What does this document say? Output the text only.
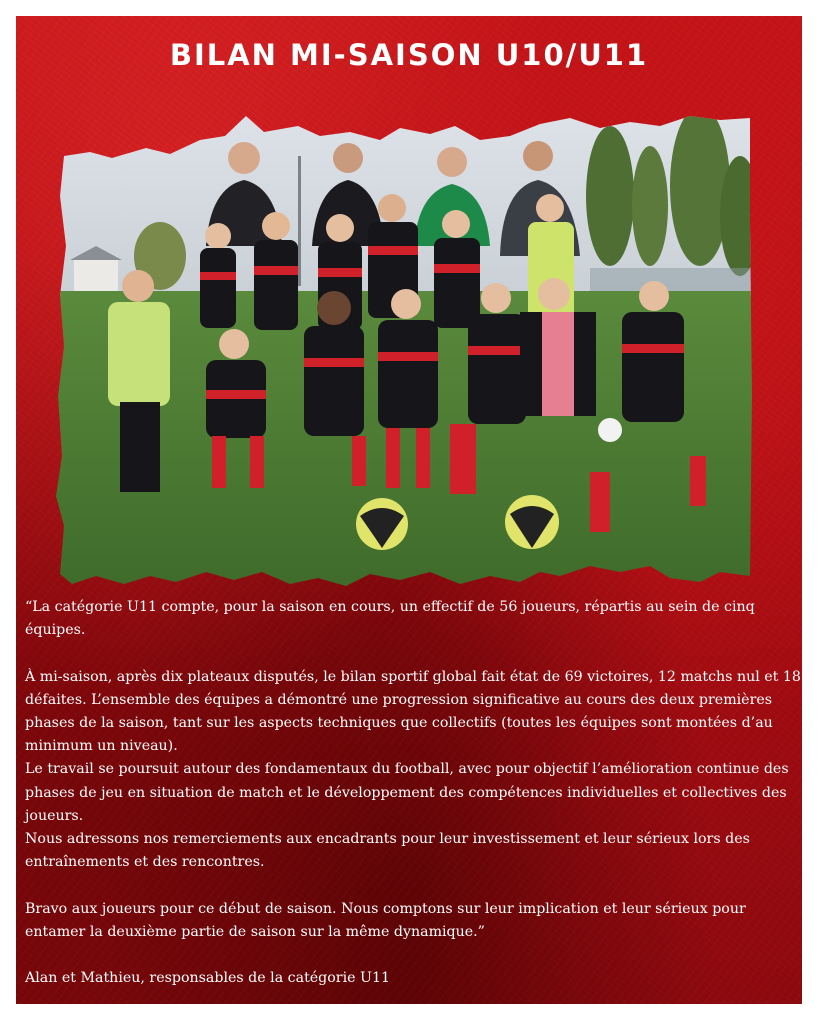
BILAN MI-SAISON U10/U11

“La catégorie U11 compte, pour la saison en cours, un effectif de 56 joueurs, répartis au sein de cinq équipes.

À mi-saison, après dix plateaux disputés, le bilan sportif global fait état de 69 victoires, 12 matchs nul et 18 défaites. L’ensemble des équipes a démontré une progression significative au cours des deux premières phases de la saison, tant sur les aspects techniques que collectifs (toutes les équipes sont montées d’au minimum un niveau).

Le travail se poursuit autour des fondamentaux du football, avec pour objectif l’amélioration continue des phases de jeu en situation de match et le développement des compétences individuelles et collectives des joueurs.

Nous adressons nos remerciements aux encadrants pour leur investissement et leur sérieux lors des entraînements et des rencontres.

Bravo aux joueurs pour ce début de saison. Nous comptons sur leur implication et leur sérieux pour entamer la deuxième partie de saison sur la même dynamique.”

Alan et Mathieu, responsables de la catégorie U11
